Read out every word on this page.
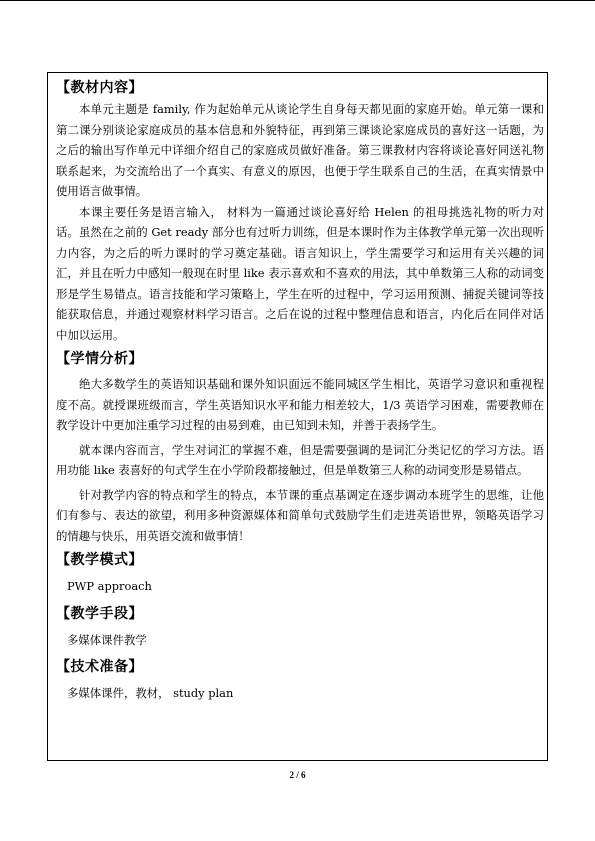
【教材内容】

本单元主题是 family, 作为起始单元从谈论学生自身每天都见面的家庭开始。单元第一课和第二课分别谈论家庭成员的基本信息和外貌特征，再到第三课谈论家庭成员的喜好这一话题，为之后的输出写作单元中详细介绍自己的家庭成员做好准备。第三课教材内容将谈论喜好同送礼物联系起来，为交流给出了一个真实、有意义的原因，也便于学生联系自己的生活，在真实情景中使用语言做事情。

本课主要任务是语言输入， 材料为一篇通过谈论喜好给 Helen 的祖母挑选礼物的听力对话。虽然在之前的 Get ready 部分也有过听力训练，但是本课时作为主体教学单元第一次出现听力内容，为之后的听力课时的学习奠定基础。语言知识上，学生需要学习和运用有关兴趣的词汇，并且在听力中感知一般现在时里 like 表示喜欢和不喜欢的用法，其中单数第三人称的动词变形是学生易错点。语言技能和学习策略上，学生在听的过程中，学习运用预测、捕捉关键词等技能获取信息，并通过观察材料学习语言。之后在说的过程中整理信息和语言，内化后在同伴对话中加以运用。

【学情分析】

绝大多数学生的英语知识基础和课外知识面远不能同城区学生相比，英语学习意识和重视程度不高。就授课班级而言，学生英语知识水平和能力相差较大，1/3 英语学习困难，需要教师在教学设计中更加注重学习过程的由易到难，由已知到未知，并善于表扬学生。

就本课内容而言，学生对词汇的掌握不难，但是需要强调的是词汇分类记忆的学习方法。语用功能 like 表喜好的句式学生在小学阶段都接触过，但是单数第三人称的动词变形是易错点。

针对教学内容的特点和学生的特点，本节课的重点基调定在逐步调动本班学生的思维，让他们有参与、表达的欲望，利用多种资源媒体和简单句式鼓励学生们走进英语世界，领略英语学习的情趣与快乐，用英语交流和做事情！

【教学模式】

PWP approach

【教学手段】

多媒体课件教学

【技术准备】

多媒体课件，教材， study plan

2 / 6
